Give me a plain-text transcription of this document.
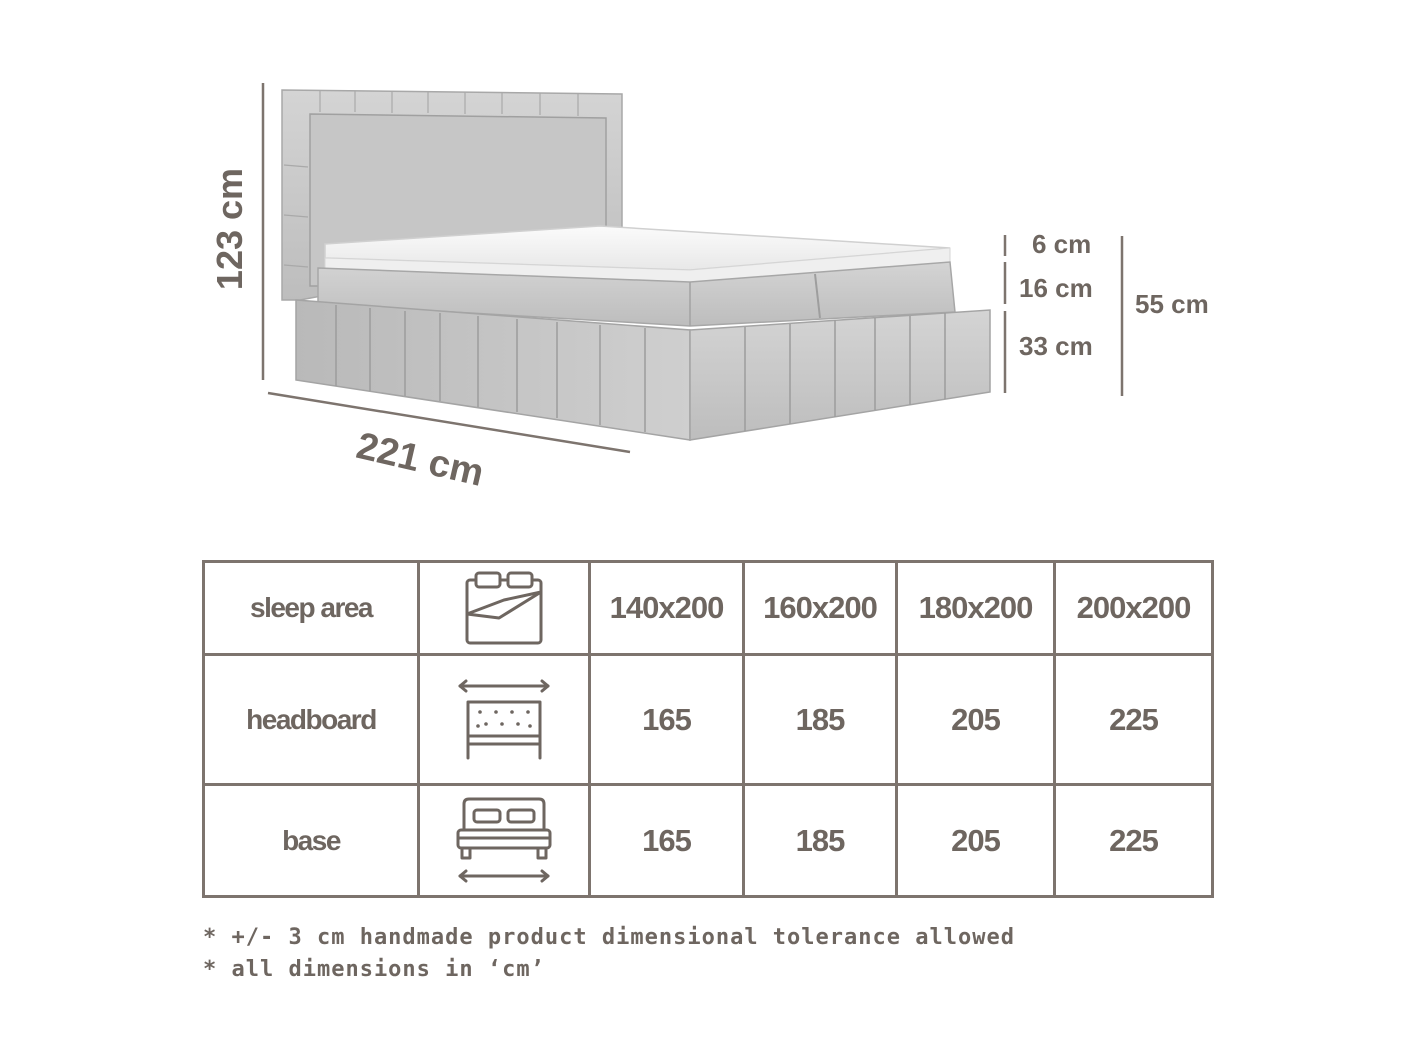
123 cm
221 cm
6 cm
16 cm
33 cm
55 cm
sleep area		140x200	160x200	180x200	200x200
headboard		165	185	205	225
base		165	185	205	225
* +/- 3 cm handmade product dimensional tolerance allowed
* all dimensions in ‘cm’
